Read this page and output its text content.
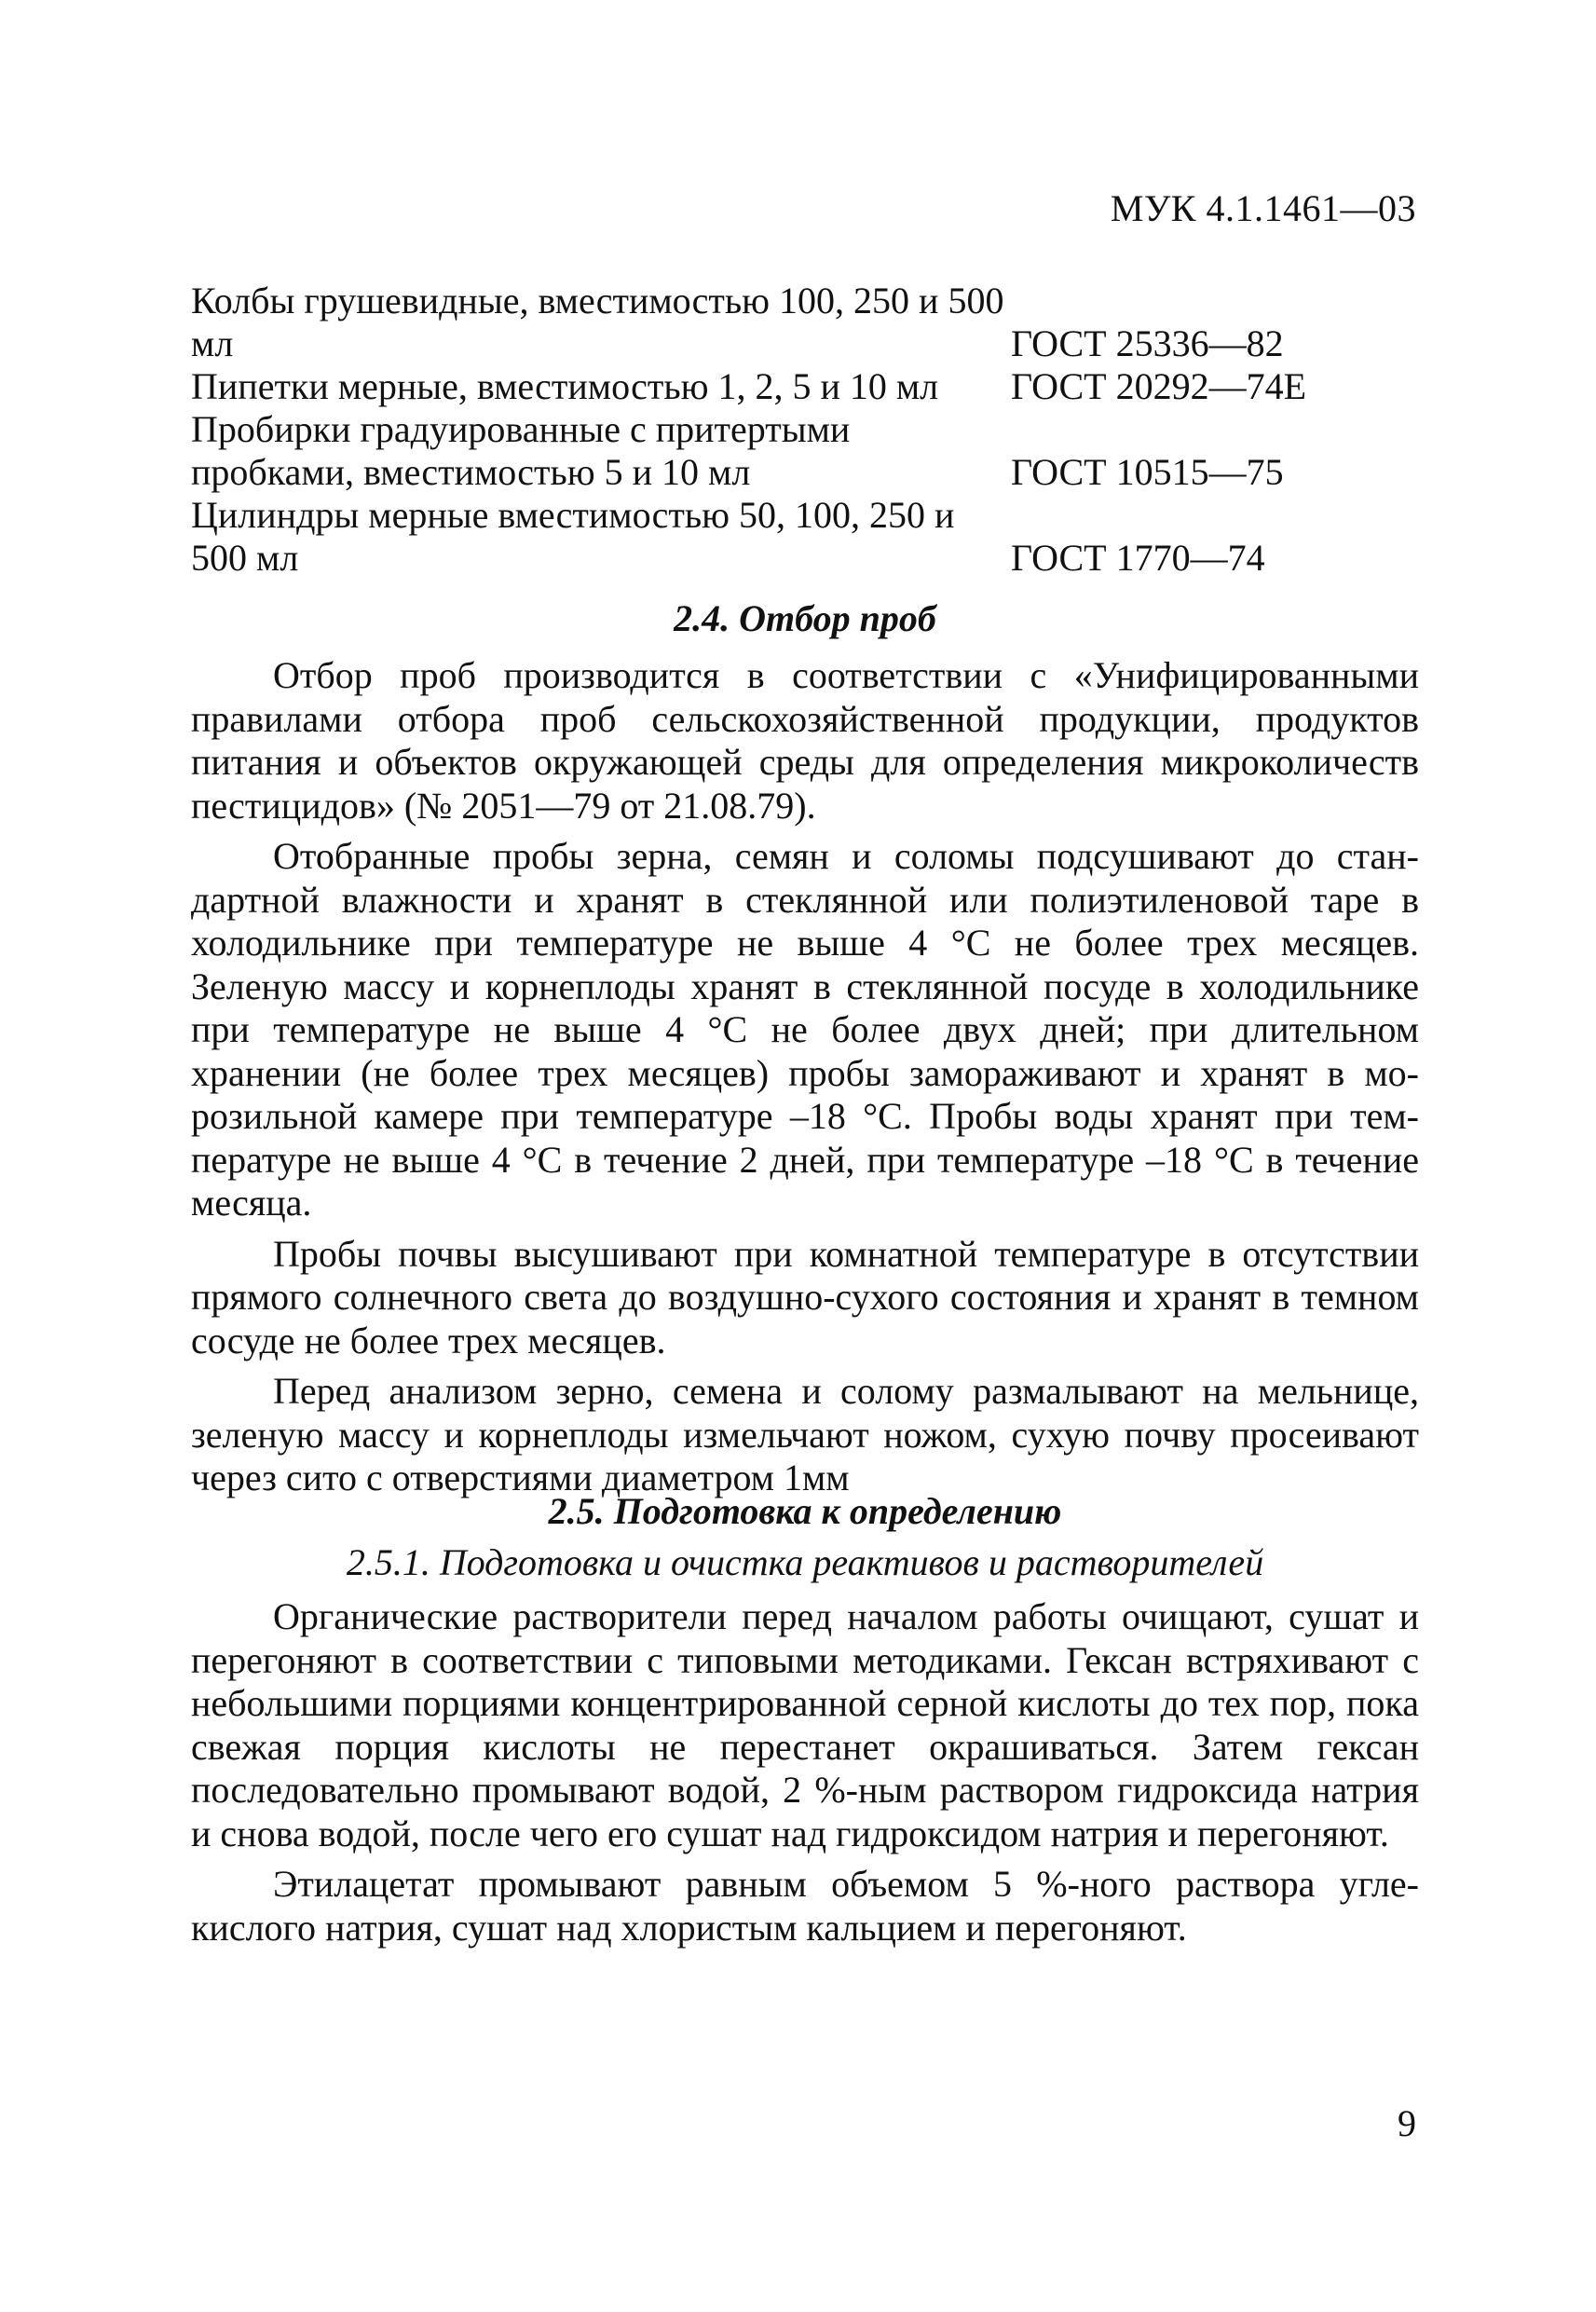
МУК 4.1.1461—03
Колбы грушевидные, вместимостью 100, 250 и 500 мл	ГОСТ 25336—82
Пипетки мерные, вместимостью 1, 2, 5 и 10 мл	ГОСТ 20292—74Е
Пробирки градуированные с притертыми пробками, вместимостью 5 и 10 мл	ГОСТ 10515—75
Цилиндры мерные вместимостью 50, 100, 250 и 500 мл	ГОСТ 1770—74
2.4. Отбор проб

Отбор проб производится в соответствии с «Унифицированными правилами отбора проб сельскохозяйственной продукции, продуктов питания и объектов окружающей среды для определения микроколичеств пестицидов» (№ 2051—79 от 21.08.79).

Отобранные пробы зерна, семян и соломы подсушивают до стандартной влажности и хранят в стеклянной или полиэтиленовой таре в холодильнике при температуре не выше 4 °С не более трех месяцев. Зеленую массу и корнеплоды хранят в стеклянной посуде в холодильнике при температуре не выше 4 °С не более двух дней; при длительном хранении (не более трех месяцев) пробы замораживают и хранят в морозильной камере при температуре –18 °С. Пробы воды хранят при температуре не выше 4 °С в течение 2 дней, при температуре –18 °С в течение месяца.

Пробы почвы высушивают при комнатной температуре в отсутствии прямого солнечного света до воздушно-сухого состояния и хранят в темном сосуде не более трех месяцев.

Перед анализом зерно, семена и солому размалывают на мельнице, зеленую массу и корнеплоды измельчают ножом, сухую почву просеивают через сито с отверстиями диаметром 1мм

2.5. Подготовка к определению
2.5.1. Подготовка и очистка реактивов и растворителей

Органические растворители перед началом работы очищают, сушат и перегоняют в соответствии с типовыми методиками. Гексан встряхивают с небольшими порциями концентрированной серной кислоты до тех пор, пока свежая порция кислоты не перестанет окрашиваться. Затем гексан последовательно промывают водой, 2 %-ным раствором гидроксида натрия и снова водой, после чего его сушат над гидроксидом натрия и перегоняют.

Этилацетат промывают равным объемом 5 %-ного раствора углекислого натрия, сушат над хлористым кальцием и перегоняют.

9
